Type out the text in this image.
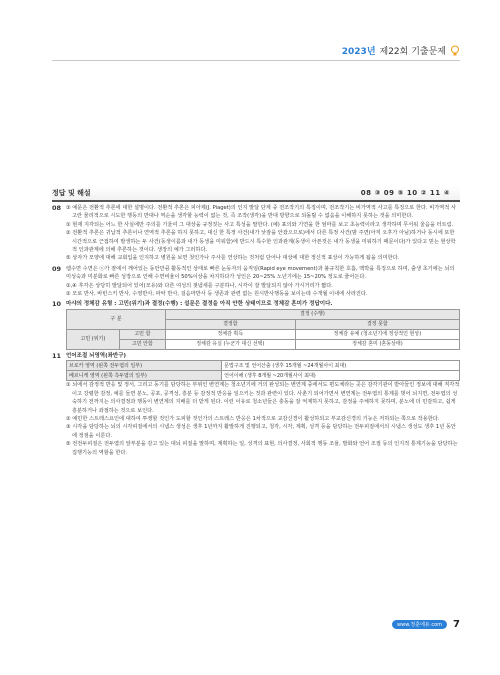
2023년 제22회 기출문제
정답 및 해설	08 ③ 09 ⑤ 10 ② 11 ④
08 ③ 예문은 전환적 추론에 대한 설명이다. 전환적 추론은 피아제(J. Piaget)의 인지 발달 단계 중 전조작기의 특징이며, 전조작기는 비가역적 사고를 특징으로 한다. 비가역적 사고란 물리적으로 시도한 행동의 반대나 역순을 생각할 능력이 없는 것, 즉 조작(생각)을 반대 방향으로 되돌릴 수 없음을 이해하지 못하는 것을 의미한다.

① 현재 지각되는 어느 한 사실에만 주의를 기울여 그 대상을 규정짓는 사고 특성을 말한다. (예) 표의와 기연을 한 엄마를 보고 초능력이라고 생각하며 무서워 울음을 터트림.

② 전환적 추론은 귀납적 추론이나 연역적 추론을 하지 못하고, 대신 한 특정 사건(내가 낮잠을 안잤으므로)에서 다른 특정 사건(밤 주면(아직 오후가 아님)하거나 동시에 또한 시간적으로 근접하여 발생하는 두 사건(동생이름과 내가 동생을 미워함)에 반드시 특수한 인과관계(동생이 아픈것은 내가 동생을 미워하기 때문이다)가 있다고 믿는 현상학적 인과관계에 의해 추론하는 것이다. 생장의 예가 그러하다.

⑤ 상자가 모양에 대해 교회입을 인지하고 병원을 보면 첫인가나 주사를 연상하는 것처럼 단어나 대상에 대한 정신적 표상이 가능하게 됨을 의미한다.

09 렘수면 수면은 ⓢ가 잠에서 깨어있는 동안만큼 활동적인 상태로 빠른 눈동자의 움직임(Rapid eye movement)과 불규칙한 호흡, 맥박을 특징으로 하며, 출생 초기에는 뇌의 미성숙과 미분화로 빠른 성장으로 인해 수면비율이 50%이상을 차지하다가 성인은 20~25% 노년기에는 15~20% 정도로 줄어든다.

①,④ 후각은 상당히 발달되어 있어(모유)와 다른 여성의 젖냄새를 구분하나, 시각이 잘 발달되지 않아 가시거리가 짧다.

② 모로 반사, 바빈스키 반사, 수영반사, 파악 반사, 걸음마반사 등 생존과 관련 없는 원시반사행동을 보이는데 수개월 이내에 사라진다.

10 마샤의 정체감 유형 : 고민(위기)과 결정(수행) : 설문은 결정을 아직 안한 상태이므로 정체감 혼미가 정답이다.

구 분		결정 (수행)	
		결정함	결정 못함
고민 (위기)	고민 함	정체감 획득	정체감 유예 (청소년기에 정상적인 현상)
	고민 안함	정체감 유실 (누군가 대신 선택)	정체감 혼미 (혼동상태)
11 언어조절 뇌영역(좌반구)

브로카 영역 (왼쪽 전두엽의 일부)	문법구조 및 언어산출 (생후 15개월 ~24개월사이 최대)
베르니케 영역 (왼쪽 측두엽의 일부)	언어이해 (생후 8개월 ~20개월사이 최대)

① 뇌에서 감정적 반응 및 정서, 그리고 동기를 담당하는 부위인 변연계는 청소년기에 거의 완성되는 변연계 중에서도 편도체라는 곳은 감각기관이 받아들인 정보에 대해 직각적이고 강렬한 감정, 예를 들면 분노, 공포, 공격성, 흥분 등 감정적 반응을 일으키는 것과 관련이 있다. 사춘기 되어가면서 변연계는 전두엽의 통제를 벗어 뇌지면, 전두엽의 성숙하기 전까지는 의사결정과 행동이 변연계의 지배를 더 받게 된다. 이런 이유로 청소년들은 충동을 잘 억제하지 못하고, 감정을 주체하지 못하며, 분노에 더 민감하고, 쉽게 흥분하거나 좌절하는 것으로 보인다.

② 예민한 스트레스요인에 대하여 투쟁할 것인가 도피할 것인가의 스트레스 반응은 1차적으로 교감신경이 활성하되고 부교감신경의 기능은 저하되는 쪽으로 작용한다.

③ 시각을 담당하는 뇌의 시각피질에서의 시냅스 생성은 생후 1년까지 활발하게 진행되고, 청각, 시각, 계획, 성격 등을 담당하는 전두피질에서의 시냅스 생성도 생후 1년 동안에 정점을 이룬다.

⑤ 전전두피질은 전두엽의 앞부분을 감고 있는 대뇌 피질을 말하며, 계획하는 일, 성격의 표현, 의사결정, 사회적 행동 조율, 발화와 언어 조절 등의 인지적 통제기능을 담당하는 집행기능의 역할을 한다.

www.정훈에듀.com	7
